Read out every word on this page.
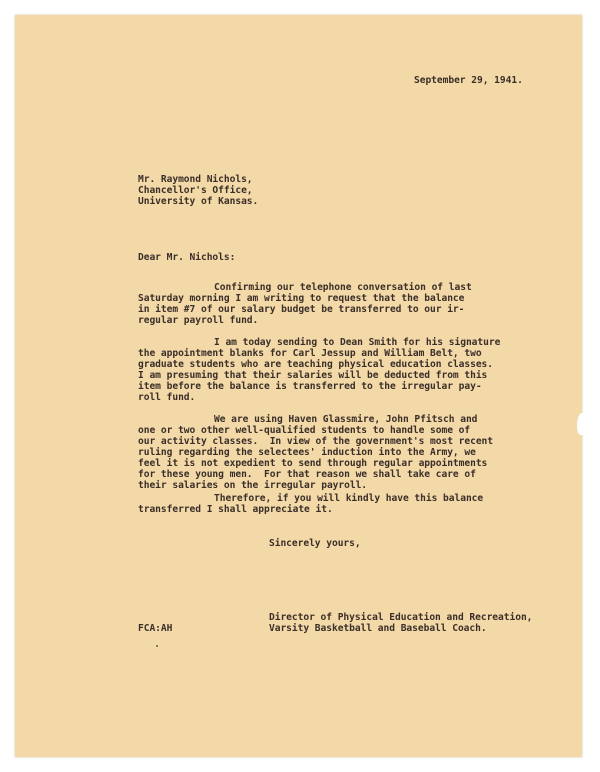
September 29, 1941.
Mr. Raymond Nichols,
Chancellor's Office,
University of Kansas.
Dear Mr. Nichols:
Confirming our telephone conversation of last
Saturday morning I am writing to request that the balance
in item #7 of our salary budget be transferred to our ir-
regular payroll fund.
I am today sending to Dean Smith for his signature
the appointment blanks for Carl Jessup and William Belt, two
graduate students who are teaching physical education classes.
I am presuming that their salaries will be deducted from this
item before the balance is transferred to the irregular pay-
roll fund.
We are using Haven Glassmire, John Pfitsch and
one or two other well-qualified students to handle some of
our activity classes.  In view of the government's most recent
ruling regarding the selectees' induction into the Army, we
feel it is not expedient to send through regular appointments
for these young men.  For that reason we shall take care of
their salaries on the irregular payroll.
Therefore, if you will kindly have this balance
transferred I shall appreciate it.
Sincerely yours,
Director of Physical Education and Recreation,
Varsity Basketball and Baseball Coach.
FCA:AH
